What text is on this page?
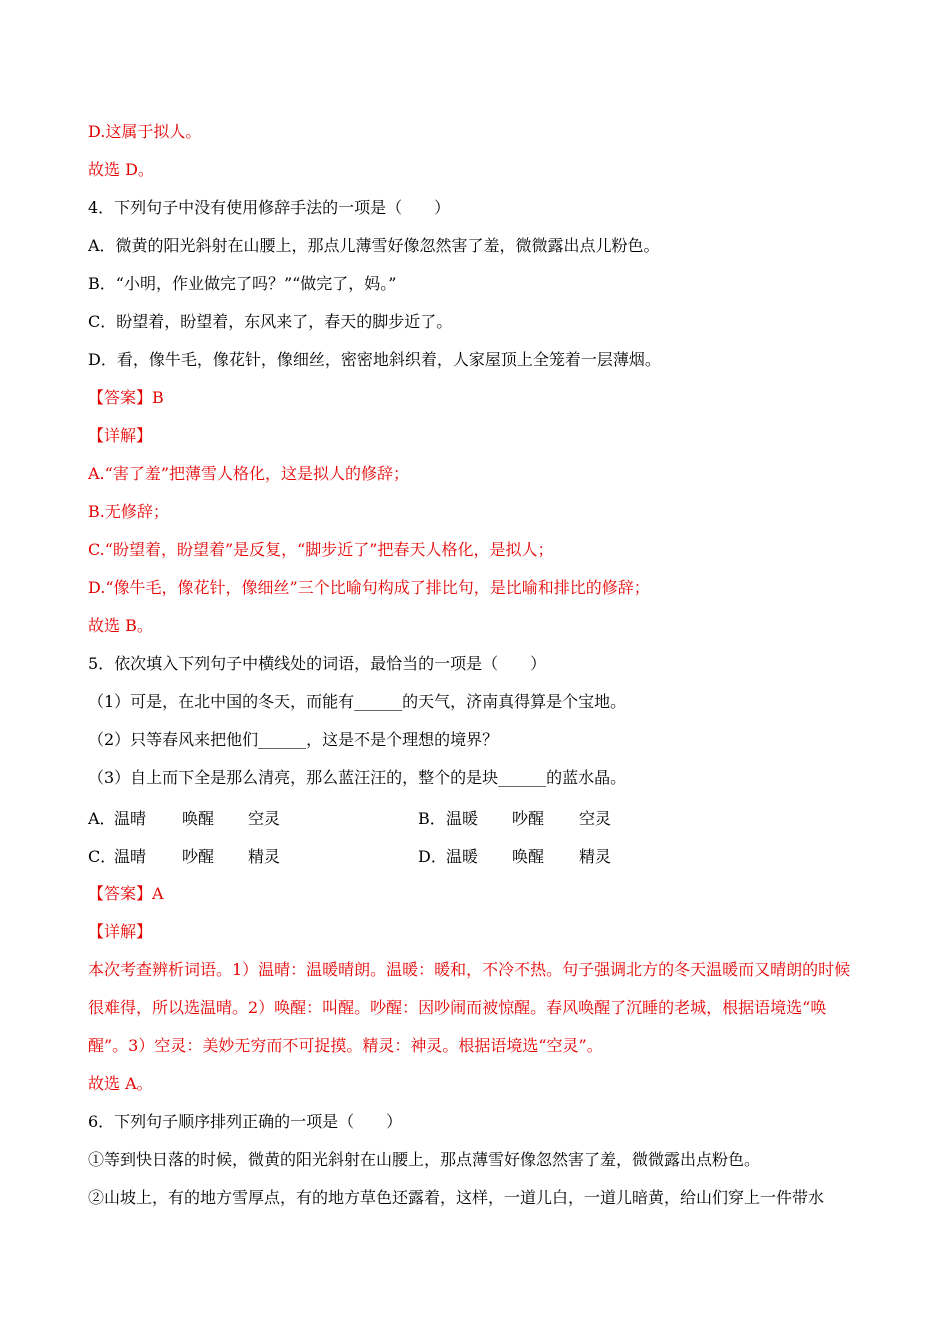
D.这属于拟人。
故选 D。
4．下列句子中没有使用修辞手法的一项是（　　）
A．微黄的阳光斜射在山腰上，那点儿薄雪好像忽然害了羞，微微露出点儿粉色。
B．“小明，作业做完了吗？”“做完了，妈。”
C．盼望着，盼望着，东风来了，春天的脚步近了。
D．看，像牛毛，像花针，像细丝，密密地斜织着，人家屋顶上全笼着一层薄烟。
【答案】B
【详解】
A.“害了羞”把薄雪人格化，这是拟人的修辞；
B.无修辞；
C.“盼望着，盼望着”是反复，“脚步近了”把春天人格化，是拟人；
D.“像牛毛，像花针，像细丝”三个比喻句构成了排比句，是比喻和排比的修辞；
故选 B。
5．依次填入下列句子中横线处的词语，最恰当的一项是（　　）
（1）可是，在北中国的冬天，而能有______的天气，济南真得算是个宝地。
（2）只等春风来把他们______，这是不是个理想的境界？
（3）自上而下全是那么清亮，那么蓝汪汪的，整个的是块______的蓝水晶。
A．温晴 唤醒 空灵	B．温暖 吵醒 空灵
C．温晴 吵醒 精灵	D．温暖 唤醒 精灵
【答案】A
【详解】
本次考查辨析词语。1）温晴：温暖晴朗。温暖：暖和，不冷不热。句子强调北方的冬天温暖而又晴朗的时候很难得，所以选温晴。2）唤醒：叫醒。吵醒：因吵闹而被惊醒。春风唤醒了沉睡的老城，根据语境选“唤醒”。3）空灵：美妙无穷而不可捉摸。精灵：神灵。根据语境选“空灵”。
故选 A。
6．下列句子顺序排列正确的一项是（　　）
①等到快日落的时候，微黄的阳光斜射在山腰上，那点薄雪好像忽然害了羞，微微露出点粉色。
②山坡上，有的地方雪厚点，有的地方草色还露着，这样，一道儿白，一道儿暗黄，给山们穿上一件带水
